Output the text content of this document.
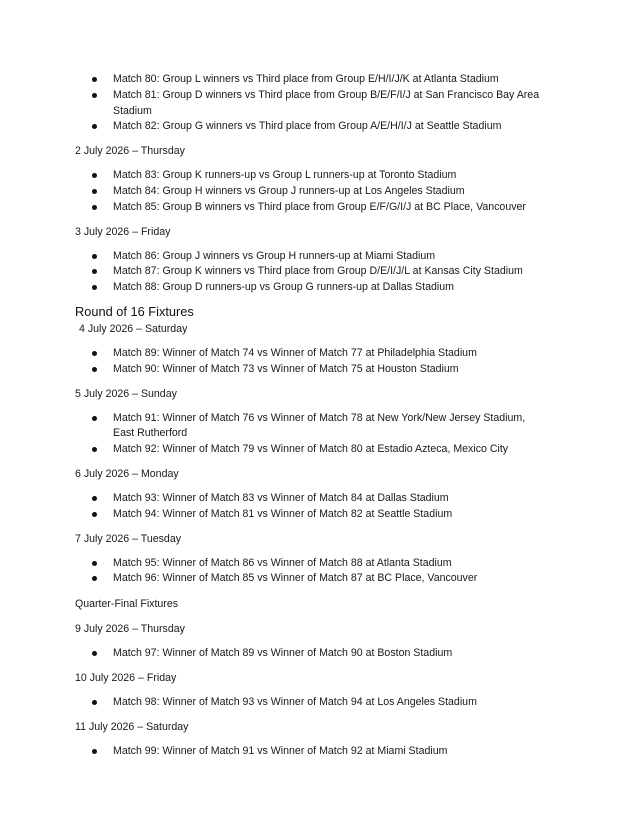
Match 80: Group L winners vs Third place from Group E/H/I/J/K at Atlanta Stadium
Match 81: Group D winners vs Third place from Group B/E/F/I/J at San Francisco Bay Area Stadium
Match 82: Group G winners vs Third place from Group A/E/H/I/J at Seattle Stadium

2 July 2026 – Thursday

Match 83: Group K runners-up vs Group L runners-up at Toronto Stadium
Match 84: Group H winners vs Group J runners-up at Los Angeles Stadium
Match 85: Group B winners vs Third place from Group E/F/G/I/J at BC Place, Vancouver

3 July 2026 – Friday

Match 86: Group J winners vs Group H runners-up at Miami Stadium
Match 87: Group K winners vs Third place from Group D/E/I/J/L at Kansas City Stadium
Match 88: Group D runners-up vs Group G runners-up at Dallas Stadium

Round of 16 Fixtures

4 July 2026 – Saturday

Match 89: Winner of Match 74 vs Winner of Match 77 at Philadelphia Stadium
Match 90: Winner of Match 73 vs Winner of Match 75 at Houston Stadium

5 July 2026 – Sunday

Match 91: Winner of Match 76 vs Winner of Match 78 at New York/New Jersey Stadium, East Rutherford
Match 92: Winner of Match 79 vs Winner of Match 80 at Estadio Azteca, Mexico City

6 July 2026 – Monday

Match 93: Winner of Match 83 vs Winner of Match 84 at Dallas Stadium
Match 94: Winner of Match 81 vs Winner of Match 82 at Seattle Stadium

7 July 2026 – Tuesday

Match 95: Winner of Match 86 vs Winner of Match 88 at Atlanta Stadium
Match 96: Winner of Match 85 vs Winner of Match 87 at BC Place, Vancouver

Quarter-Final Fixtures

9 July 2026 – Thursday

Match 97: Winner of Match 89 vs Winner of Match 90 at Boston Stadium

10 July 2026 – Friday

Match 98: Winner of Match 93 vs Winner of Match 94 at Los Angeles Stadium

11 July 2026 – Saturday

Match 99: Winner of Match 91 vs Winner of Match 92 at Miami Stadium
